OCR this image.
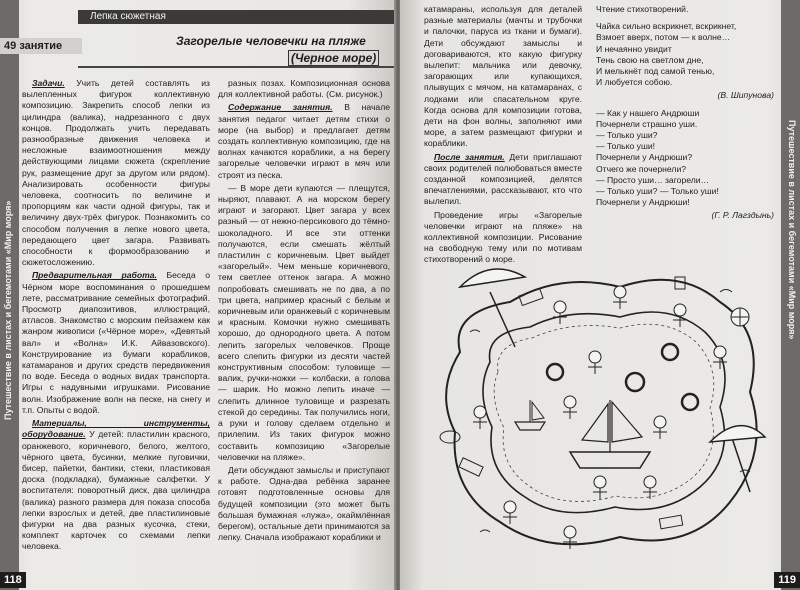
Путешествие в листах и бегемотами «Мир моря»
118
Лепка сюжетная
49 занятие	Загорелые человечки на пляже
(Черное море)

Задачи. Учить детей составлять из вылепленных фигурок коллективную композицию. Закрепить способ лепки из цилиндра (валика), надрезанного с двух концов. Продолжать учить передавать разнообразные движения человека и несложные взаимоотношения между действующими лицами сюжета (скрепление рук, размещение друг за другом или рядом). Анализировать особенности фигуры человека, соотносить по величине и пропорциям как части одной фигуры, так и величину двух-трёх фигурок. Познакомить со способом получения в лепке нового цвета, передающего цвет загара. Развивать способности к формообразованию и сюжетосложению.

Предварительная работа. Беседа о Чёрном море воспоминания о прошедшем лете, рассматривание семейных фотографий. Просмотр диапозитивов, иллюстраций, атласов. Знакомство с морским пейзажем как жанром живописи («Чёрное море», «Девятый вал» и «Волна» И.К. Айвазовского). Конструирование из бумаги корабликов, катамаранов и других средств передвижения по воде. Беседа о водных видах транспорта. Игры с надувными игрушками. Рисование волн. Изображение волн на песке, на снегу и т.п. Опыты с водой.

Материалы, инструменты, оборудование. У детей: пластилин красного, оранжевого, коричневого, белого, желтого, чёрного цвета, бусинки, мелкие пуговички, бисер, пайетки, бантики, стеки, пластиковая доска (подкладка), бумажные салфетки. У воспитателя: поворотный диск, два цилиндра (валика) разного размера для показа способа лепки взрослых и детей, две пластилиновые фигурки на два разных кусочка, стеки, комплект карточек со схемами лепки человека.

разных позах. Композиционная основа для коллективной работы. (См. рисунок.)

Содержание занятия. В начале занятия педагог читает детям стихи о море (на выбор) и предлагает детям создать коллективную композицию, где на волнах качаются кораблики, а на берегу загорелые человечки играют в мяч или строят из песка.

— В море дети купаются — плещутся, ныряют, плавают. А на морском берегу играют и загорают. Цвет загара у всех разный — от нежно-персикового до тёмно-шоколадного. И все эти оттенки получаются, если смешать жёлтый пластилин с коричневым. Цвет выйдет «загорелый». Чем меньше коричневого, тем светлее оттенок загара. А можно попробовать смешивать не по два, а по три цвета, например красный с белым и коричневым или оранжевый с коричневым и красным. Комочки нужно смешивать хорошо, до однородного цвета. А потом лепить загорелых человечков. Проще всего слепить фигурки из десяти частей конструктивным способом: туловище — валик, ручки-ножки — колбаски, а голова — шарик. Но можно лепить иначе — слепить длинное туловище и разрезать стекой до середины. Так получились ноги, а руки и голову сделаем отдельно и прилепим. Из таких фигурок можно составить композицию «Загорелые человечки на пляже».

Дети обсуждают замыслы и приступают к работе. Одна-два ребёнка заранее готовят подготовленные основы для будущей композиции (это может быть большая бумажная «лужа», окаймлённая берегом), остальные дети принимаются за лепку. Сначала изображают кораблики и

Путешествие в листах и бегемотами «Мир моря»
119

катамараны, используя для деталей разные материалы (мачты и трубочки и палочки, паруса из ткани и бумаги). Дети обсуждают замыслы и договариваются, кто какую фигурку вылепит: мальчика или девочку, загорающих или купающихся, плывущих с мячом, на катамаранах, с лодками или спасательном круге. Когда основа для композиции готова, дети на фон волны, заполняют ими море, а затем размещают фигурки и кораблики.

После занятия. Дети приглашают своих родителей полюбоваться вместе созданной композицией, делятся впечатлениями, рассказывают, кто что вылепил.

Проведение игры «Загорелые человечки играют на пляже» на коллективной композиции. Рисование на свободную тему или по мотивам стихотворений о море.

Чтение стихотворений.
Чайка сильно вскрикнет, вскрикнет,
Взмоет вверх, потом — к волне…
И нечаянно увидит
Тень свою на светлом дне,
И мелькнёт под самой тенью,
И любуется собою.
(В. Шипунова)
— Как у нашего Андрюши
Почернели страшно уши.
— Только уши?
— Только уши!
Почернели у Андрюши?
Отчего же почернели?
— Просто уши… загорели…
— Только уши? — Только уши!
Почернели у Андрюши!
(Г. Р. Лагздынь)
